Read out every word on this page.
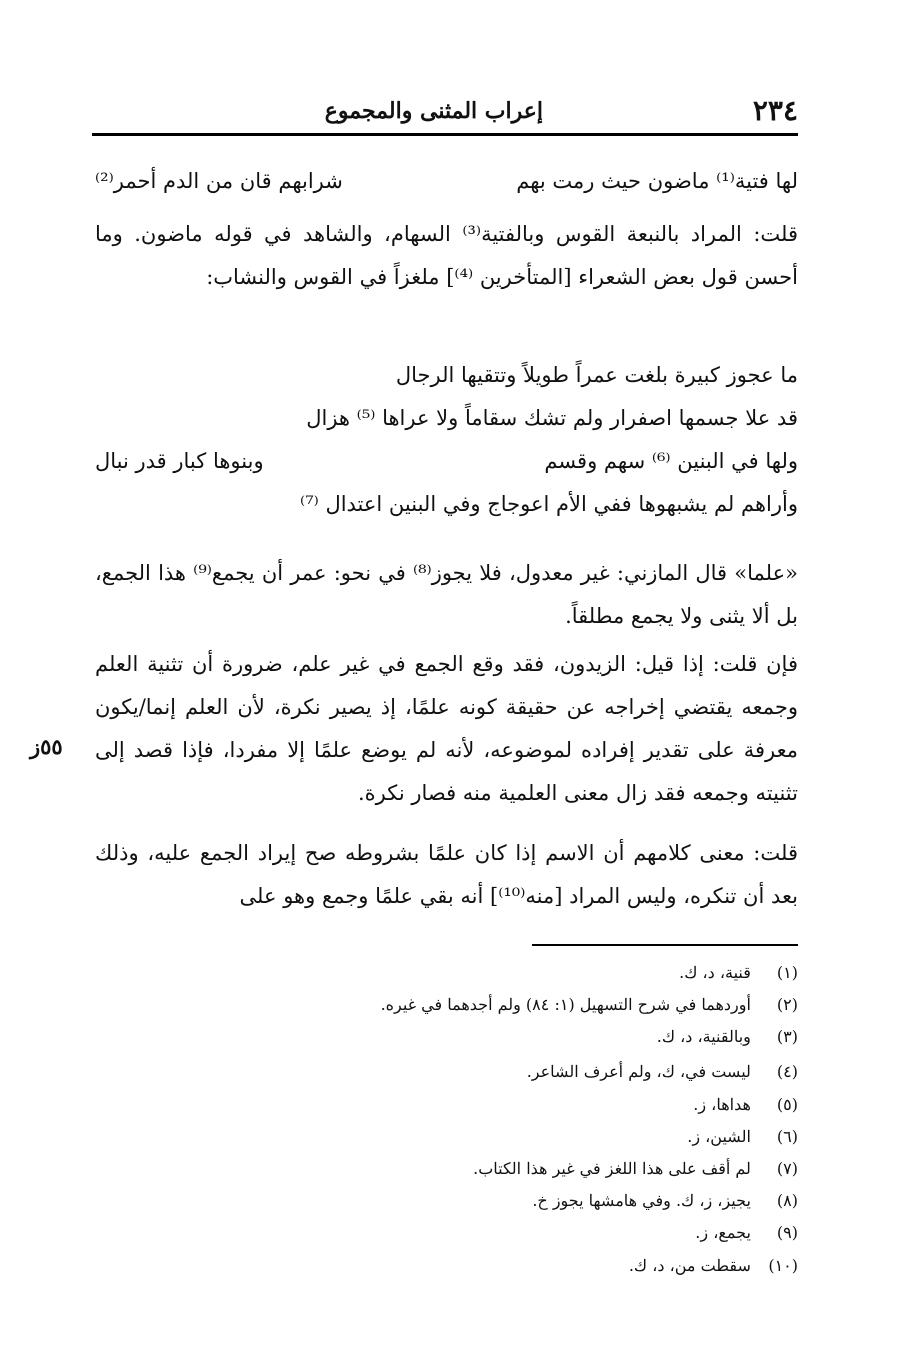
٢٣٤
إعراب المثنى والمجموع
لها فتية⁽¹⁾ ماضون حيث رمت بهم
شرابهم قان من الدم أحمر⁽²⁾
قلت: المراد بالنبعة القوس وبالفتية⁽³⁾ السهام، والشاهد في قوله ماضون. وما أحسن قول بعض الشعراء [المتأخرين ⁽⁴⁾] ملغزاً في القوس والنشاب:
ما عجوز كبيرة بلغت عمراً طويلاً وتتقيها الرجال
قد علا جسمها اصفرار ولم تشك سقاماً ولا عراها ⁽⁵⁾ هزال
ولها في البنين ⁽⁶⁾ سهم وقسم
وبنوها كبار قدر نبال
وأراهم لم يشبهوها ففي الأم اعوجاج وفي البنين اعتدال ⁽⁷⁾
«علما» قال المازني: غير معدول، فلا يجوز⁽⁸⁾ في نحو: عمر أن يجمع⁽⁹⁾ هذا الجمع، بل ألا يثنى ولا يجمع مطلقاً.
فإن قلت: إذا قيل: الزيدون، فقد وقع الجمع في غير علم، ضرورة أن تثنية العلم وجمعه يقتضي إخراجه عن حقيقة كونه علمًا، إذ يصير نكرة، لأن العلم إنما/يكون معرفة على تقدير إفراده لموضوعه، لأنه لم يوضع علمًا إلا مفردا، فإذا قصد إلى تثنيته وجمعه فقد زال معنى العلمية منه فصار نكرة.
٥٥ز
قلت: معنى كلامهم أن الاسم إذا كان علمًا بشروطه صح إيراد الجمع عليه، وذلك بعد أن تنكره، وليس المراد [منه⁽¹⁰⁾] أنه بقي علمًا وجمع وهو على
(١) قنية، د، ك.
(٢) أوردهما في شرح التسهيل (١: ٨٤) ولم أجدهما في غيره.
(٣) وبالقنية، د، ك.
(٤) ليست في، ك، ولم أعرف الشاعر.
(٥) هداها، ز.
(٦) الشين، ز.
(٧) لم أقف على هذا اللغز في غير هذا الكتاب.
(٨) يجيز، ز، ك. وفي هامشها يجوز خ.
(٩) يجمع، ز.
(١٠) سقطت من، د، ك.
